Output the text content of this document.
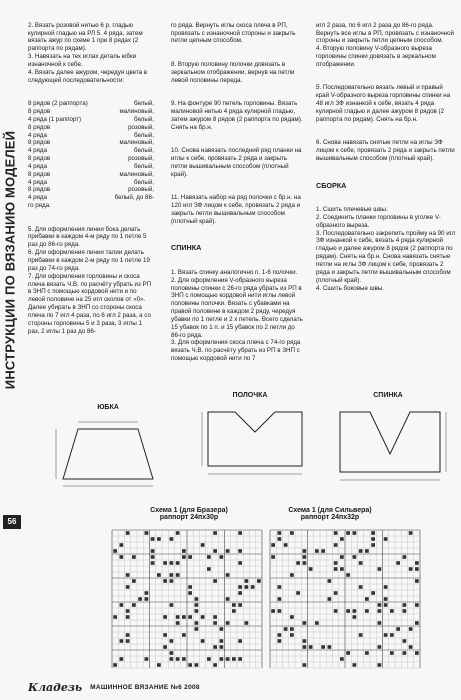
ИНСТРУКЦИИ ПО ВЯЗАНИЮ МОДЕЛЕЙ
56

2. Вязать розовой нитью 6 р. гладью кулирной гладью на РЛ 5. 4 ряда, затем вязать ажур по схеме 1 при 8 рядах (2 раппорта по рядам).
3. Навязать на тех иглах деталь юбки изнаночной к себе.
4. Вязать далее ажуром, чередуя цвета в следующей последовательности:

8 рядов (2 раппорта)	белый,
8 рядов	малиновый,
4 ряда (1 раппорт)	белый,
8 рядов	розовый,
4 ряда	белый,
8 рядов	малиновый,
4 ряда	белый,
8 рядов	розовый,
4 ряда	белый,
8 рядов	малиновый,
4 ряда	белый,
8 рядов	розовый,
4 ряда	белый, до 86-
го ряда.

5. Для оформления линии бока делать прибавки в каждом 4-м ряду по 1 петле 5 раз до 86-го ряда.
6. Для оформления линии талии делать прибавки в каждом 2-м ряду по 1 петле 19 раз до 74-го ряда.
7. Для оформления горловины и скоса плеча вязать Ч.В. по расчёту убрать из РП в ЗНП с помощью кордовой нити и по левой половине на 25 игл сколов от «0». Далее убирать в ЗНП со стороны скоса плеча по 7 игл 4 раза, по 6 игл 2 раза, а со стороны горловины 5 и 3 раза, 3 иглы 1 раз, 2 иглы 1 раз до 86-

го ряда. Вернуть иглы скоса плеча в РП, провязать с изнаночной стороны и закрыть петли цепным способом.

8. Вторую половину полочки довязать в зеркальном отображении, вернув на петли левой половины переда.

9. На фонтуре 90 петель горловины. Вязать малиновой нитью 4 ряда кулирной гладью, затем ажуром 8 рядов (2 раппорта по рядам). Снять на бр.н.

10. Снова навязать последний ряд планки на иглы к себе, провязать 2 ряда и закрыть петли вышивальным способом (плотный край).

11. Навязать набор на ряд полочки с бр.н. на 120 игл ЗФ лицом к себе, провязать 2 ряда и закрыть петли вышивальным способом (плотный край).

СПИНКА

1. Вязать спинку аналогично п. 1-6 полочки.
2. Для оформления V-образного выреза половины спинки с 26-го ряда убрать из РП в ЗНП с помощью кордовой нити иглы левой половины полочки. Вязать с убавками на правой половине в каждом 2 ряду, чередуя убавки по 1 петле и 2 х петель. Всего сделать 15 убавок по 1 п. и 15 убавок по 2 петли до 86-го ряда.
3. Для оформления скоса плеча с 74-го ряда вязать Ч.В. по расчёту убрать из РП в ЗНП с помощью кордовой нити по 7

игл 2 раза, по 6 игл 2 раза до 86-го ряда. Вернуть все иглы в РП, провязать с изнаночной стороны и закрыть петли цепным способом.
4. Вторую половину V-образного выреза горловины спинки довязать в зеркальном отображении.

5. Последовательно вязать левый и правый край V-образного выреза горловины спинки на 48 игл ЗФ изнанкой к себе, вязать 4 ряда кулирной гладью и далее ажуром 8 рядов (2 раппорта по рядам). Снять на бр.н.

6. Снова навязать снятые петли на иглы ЗФ лицом к себе, провязать 2 ряда и закрыть петли вышивальным способом (плотный край).

СБОРКА

1. Сшить плечевые швы.
2. Соединить планки горловины в уголке V-образного выреза.
3. Последовательно закрепить пройму на 90 игл ЗФ изнанкой к себе, вязать 4 ряда кулирной гладью и далее ажуром 8 рядов (2 раппорта по рядам). Снять на бр.н. Снова навязать снятые петли на иглы ЗФ лицом к себе, провязать 2 ряда и закрыть петли вышивальным способом (плотный край).
4. Сшить боковые швы.

ЮБКА
ПОЛОЧКА	СПИНКА
Схема 1 (для Бразера)
раппорт 24пх30р
Схема 1 (для Сильвера)
раппорт 24пх32р
Кладезь МАШИННОЕ ВЯЗАНИЕ №6 2008
